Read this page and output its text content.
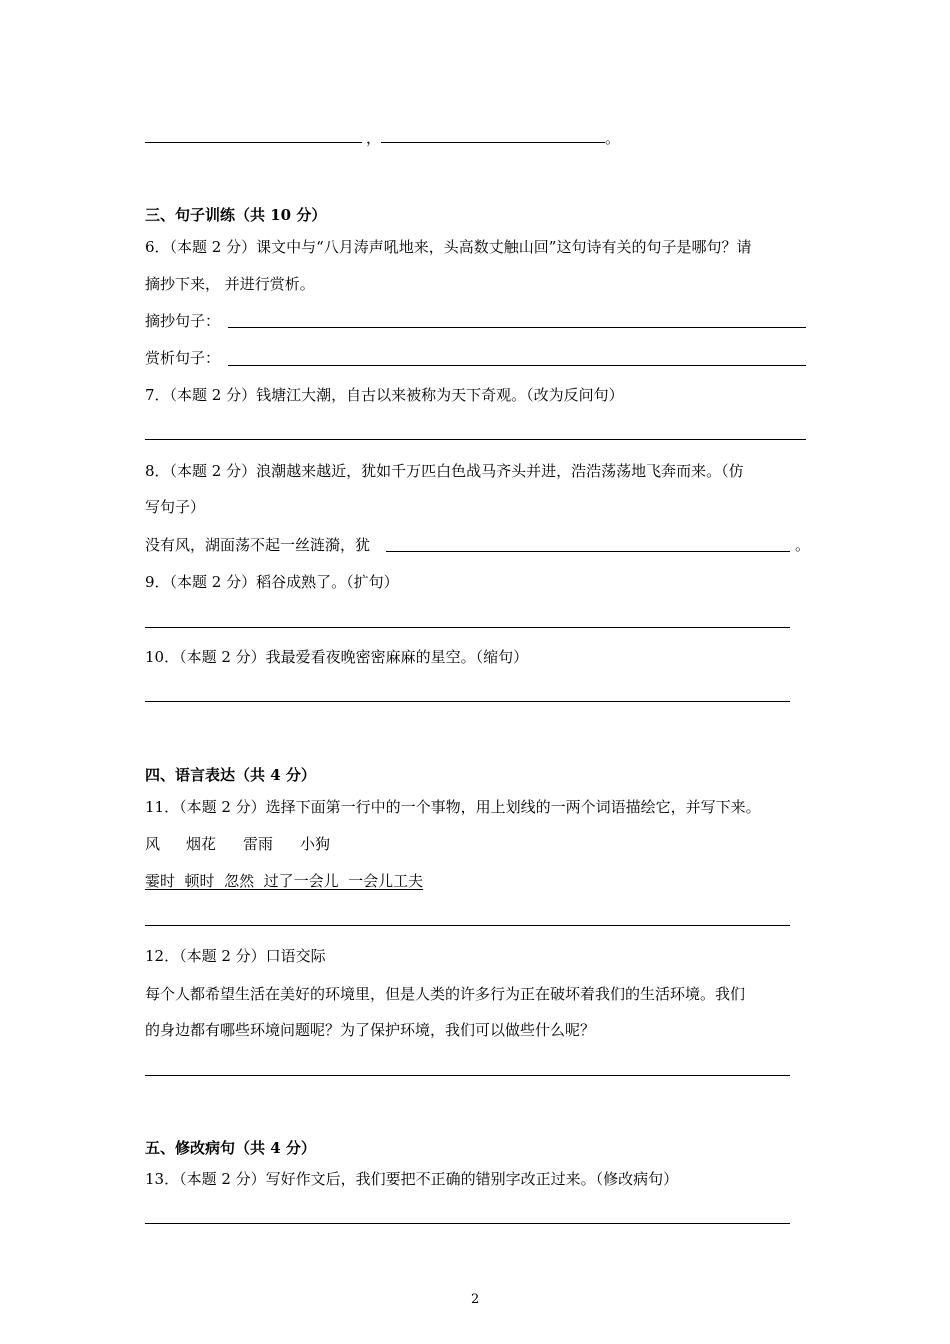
，	。
三、句子训练（共 10 分）
6．（本题 2 分）课文中与“八月涛声吼地来，头高数丈触山回”这句诗有关的句子是哪句？请
摘抄下来， 并进行赏析。
摘抄句子：
赏析句子：
7．（本题 2 分）钱塘江大潮，自古以来被称为天下奇观。（改为反问句）
8．（本题 2 分）浪潮越来越近，犹如千万匹白色战马齐头并进，浩浩荡荡地飞奔而来。（仿
写句子）
没有风，湖面荡不起一丝涟漪，犹	。
9．（本题 2 分）稻谷成熟了。（扩句）
10．（本题 2 分）我最爱看夜晚密密麻麻的星空。（缩句）
四、语言表达（共 4 分）
11．（本题 2 分）选择下面第一行中的一个事物，用上划线的一两个词语描绘它，并写下来。
风 烟花 雷雨 小狗
霎时  顿时  忽然  过了一会儿  一会儿工夫
12．（本题 2 分）口语交际
每个人都希望生活在美好的环境里，但是人类的许多行为正在破坏着我们的生活环境。我们
的身边都有哪些环境问题呢？为了保护环境，我们可以做些什么呢？
五、修改病句（共 4 分）
13．（本题 2 分）写好作文后，我们要把不正确的错别字改正过来。（修改病句）
2
